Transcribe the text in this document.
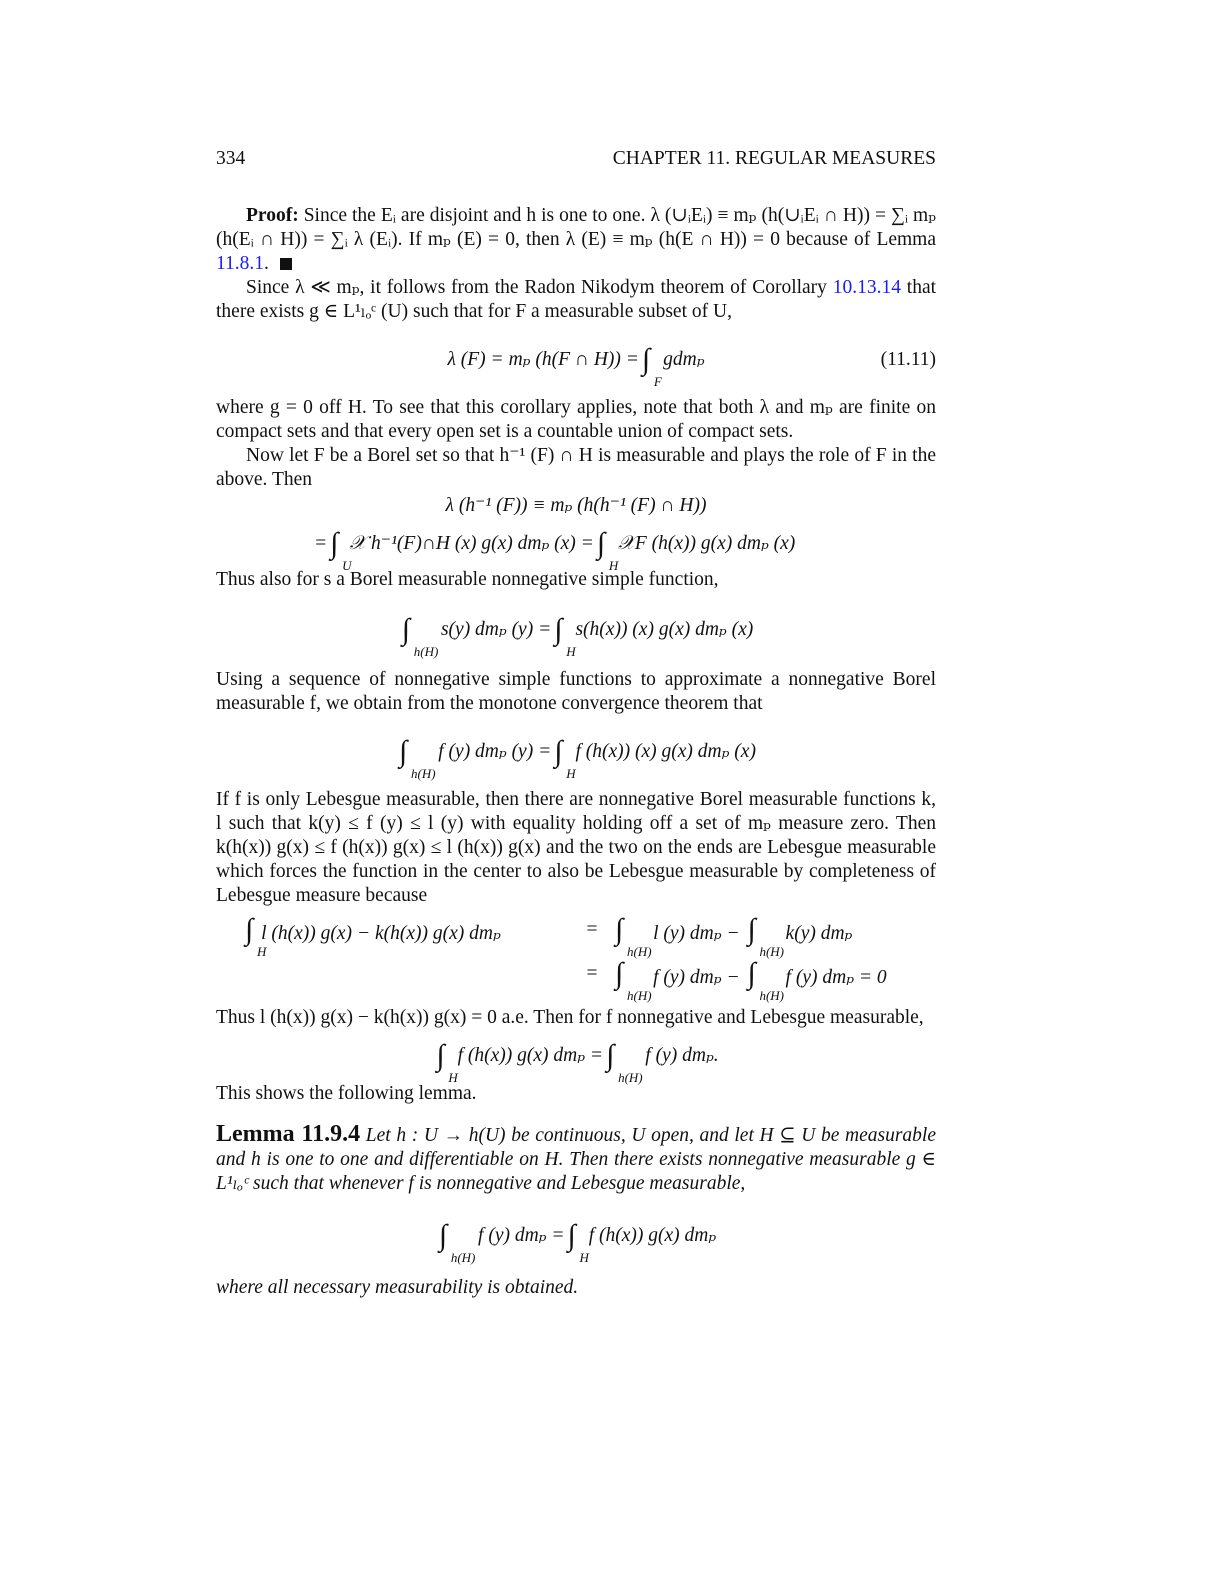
334	CHAPTER 11. REGULAR MEASURES

Proof: Since the Eᵢ are disjoint and h is one to one. λ (∪ᵢEᵢ) ≡ mₚ (h(∪ᵢEᵢ ∩ H)) = ∑ᵢ mₚ (h(Eᵢ ∩ H)) = ∑ᵢ λ (Eᵢ). If mₚ (E) = 0, then λ (E) ≡ mₚ (h(E ∩ H)) = 0 because of Lemma 11.8.1.

Since λ ≪ mₚ, it follows from the Radon Nikodym theorem of Corollary 10.13.14 that there exists g ∈ L¹ₗₒᶜ (U) such that for F a measurable subset of U,

λ (F) = mₚ (h(F ∩ H)) = ∫
F
gdmₚ	(11.11)

where g = 0 off H. To see that this corollary applies, note that both λ and mₚ are finite on compact sets and that every open set is a countable union of compact sets.

Now let F be a Borel set so that h⁻¹ (F) ∩ H is measurable and plays the role of F in the above. Then

λ (h⁻¹ (F)) ≡ mₚ (h(h⁻¹ (F) ∩ H))
= ∫
U
𝒳 h⁻¹(F)∩H (x) g(x) dmₚ (x) = ∫
H
𝒳F (h(x)) g(x) dmₚ (x)

Thus also for s a Borel measurable nonnegative simple function,

∫
h(H)
s(y) dmₚ (y) = ∫
H
s(h(x)) (x) g(x) dmₚ (x)

Using a sequence of nonnegative simple functions to approximate a nonnegative Borel measurable f, we obtain from the monotone convergence theorem that

∫
h(H)
f (y) dmₚ (y) = ∫
H
f (h(x)) (x) g(x) dmₚ (x)

If f is only Lebesgue measurable, then there are nonnegative Borel measurable functions k, l such that k(y) ≤ f (y) ≤ l (y) with equality holding off a set of mₚ measure zero. Then k(h(x)) g(x) ≤ f (h(x)) g(x) ≤ l (h(x)) g(x) and the two on the ends are Lebesgue measurable which forces the function in the center to also be Lebesgue measurable by completeness of Lebesgue measure because

∫
H
l (h(x)) g(x) − k(h(x)) g(x) dmₚ	= ∫
h(H)
l (y) dmₚ − ∫
h(H)
k(y) dmₚ
= ∫
h(H)
f (y) dmₚ − ∫
h(H)
f (y) dmₚ = 0

Thus l (h(x)) g(x) − k(h(x)) g(x) = 0 a.e. Then for f nonnegative and Lebesgue measurable,

∫
H
f (h(x)) g(x) dmₚ = ∫
h(H)
f (y) dmₚ.

This shows the following lemma.

Lemma 11.9.4 Let h : U → h(U) be continuous, U open, and let H ⊆ U be measurable and h is one to one and differentiable on H. Then there exists nonnegative measurable g ∈ L¹ₗₒᶜ such that whenever f is nonnegative and Lebesgue measurable,

∫
h(H)
f (y) dmₚ = ∫
H
f (h(x)) g(x) dmₚ

where all necessary measurability is obtained.
